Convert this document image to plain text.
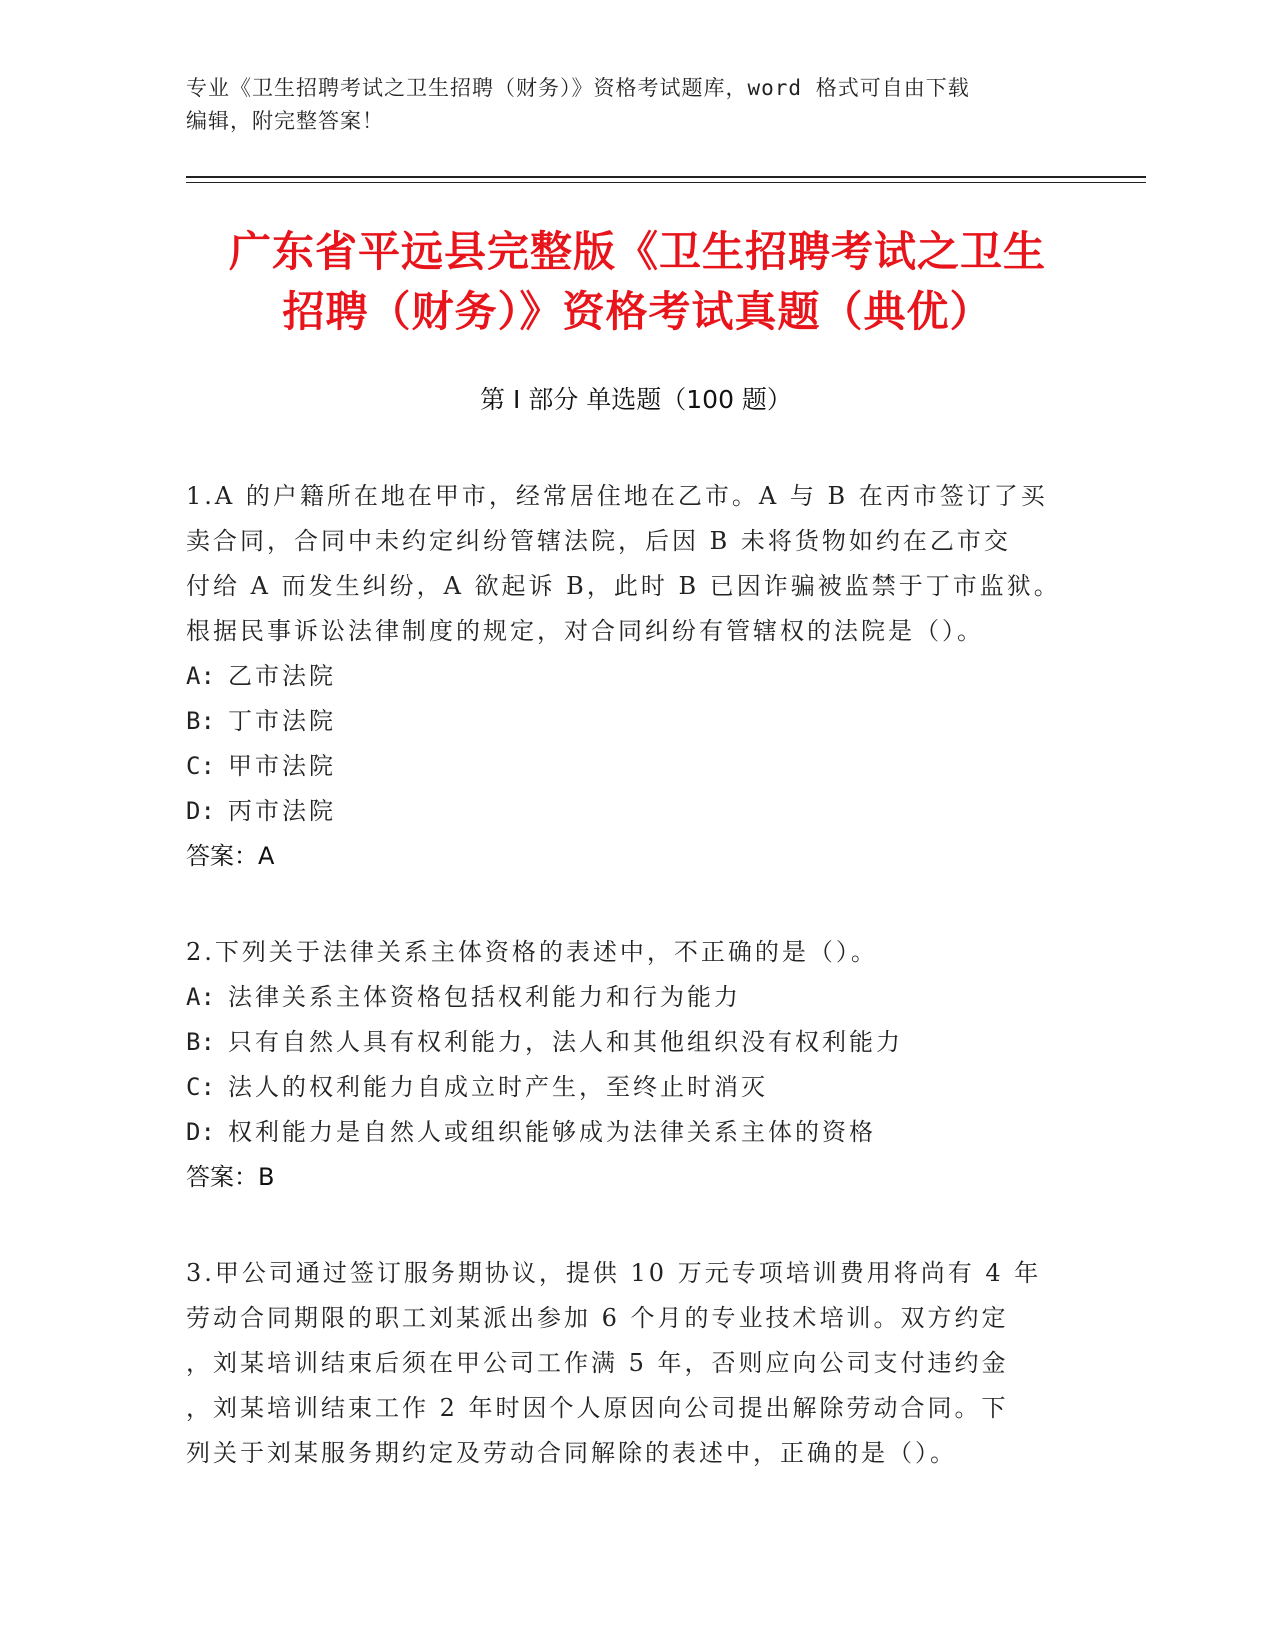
专业《卫生招聘考试之卫生招聘（财务）》资格考试题库，word 格式可自由下载
编辑，附完整答案！
广东省平远县完整版《卫生招聘考试之卫生
招聘（财务）》资格考试真题（典优）
第 I 部分 单选题（100 题）
1.A 的户籍所在地在甲市，经常居住地在乙市。A 与 B 在丙市签订了买
卖合同，合同中未约定纠纷管辖法院，后因 B 未将货物如约在乙市交
付给 A 而发生纠纷，A 欲起诉 B，此时 B 已因诈骗被监禁于丁市监狱。
根据民事诉讼法律制度的规定，对合同纠纷有管辖权的法院是（）。
A: 乙市法院
B: 丁市法院
C: 甲市法院
D: 丙市法院
答案：A
2.下列关于法律关系主体资格的表述中，不正确的是（）。
A: 法律关系主体资格包括权利能力和行为能力
B: 只有自然人具有权利能力，法人和其他组织没有权利能力
C: 法人的权利能力自成立时产生，至终止时消灭
D: 权利能力是自然人或组织能够成为法律关系主体的资格
答案：B
3.甲公司通过签订服务期协议，提供 10 万元专项培训费用将尚有 4 年
劳动合同期限的职工刘某派出参加 6 个月的专业技术培训。双方约定
，刘某培训结束后须在甲公司工作满 5 年，否则应向公司支付违约金
，刘某培训结束工作 2 年时因个人原因向公司提出解除劳动合同。下
列关于刘某服务期约定及劳动合同解除的表述中，正确的是（）。
